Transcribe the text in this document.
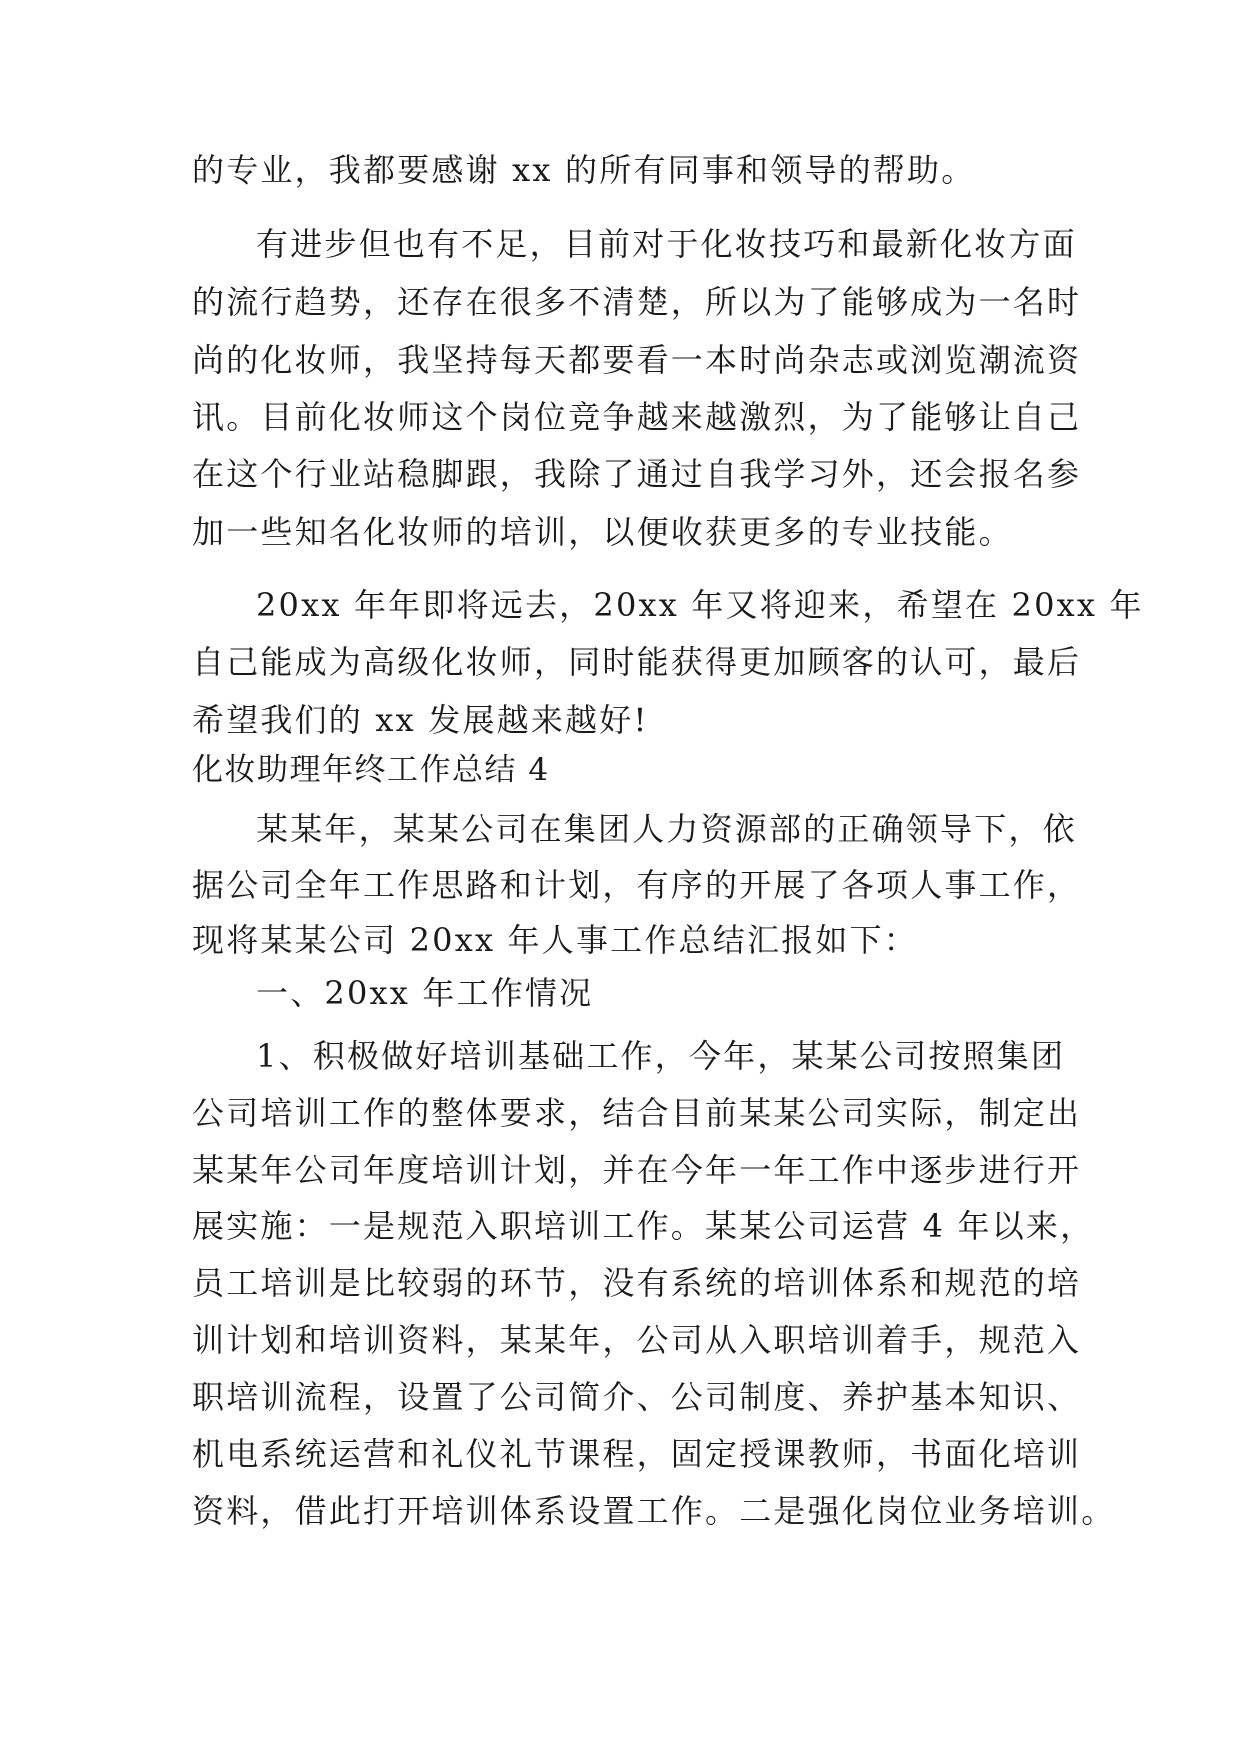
的专业，我都要感谢 xx 的所有同事和领导的帮助。
有进步但也有不足，目前对于化妆技巧和最新化妆方面
的流行趋势，还存在很多不清楚，所以为了能够成为一名时
尚的化妆师，我坚持每天都要看一本时尚杂志或浏览潮流资
讯。目前化妆师这个岗位竞争越来越激烈，为了能够让自己
在这个行业站稳脚跟，我除了通过自我学习外，还会报名参
加一些知名化妆师的培训，以便收获更多的专业技能。
20xx 年年即将远去，20xx 年又将迎来，希望在 20xx 年
自己能成为高级化妆师，同时能获得更加顾客的认可，最后
希望我们的 xx 发展越来越好!
化妆助理年终工作总结 4
某某年，某某公司在集团人力资源部的正确领导下，依
据公司全年工作思路和计划，有序的开展了各项人事工作，
现将某某公司 20xx 年人事工作总结汇报如下：
一、20xx 年工作情况
1、积极做好培训基础工作，今年，某某公司按照集团
公司培训工作的整体要求，结合目前某某公司实际，制定出
某某年公司年度培训计划，并在今年一年工作中逐步进行开
展实施：一是规范入职培训工作。某某公司运营 4 年以来，
员工培训是比较弱的环节，没有系统的培训体系和规范的培
训计划和培训资料，某某年，公司从入职培训着手，规范入
职培训流程，设置了公司简介、公司制度、养护基本知识、
机电系统运营和礼仪礼节课程，固定授课教师，书面化培训
资料，借此打开培训体系设置工作。二是强化岗位业务培训。
